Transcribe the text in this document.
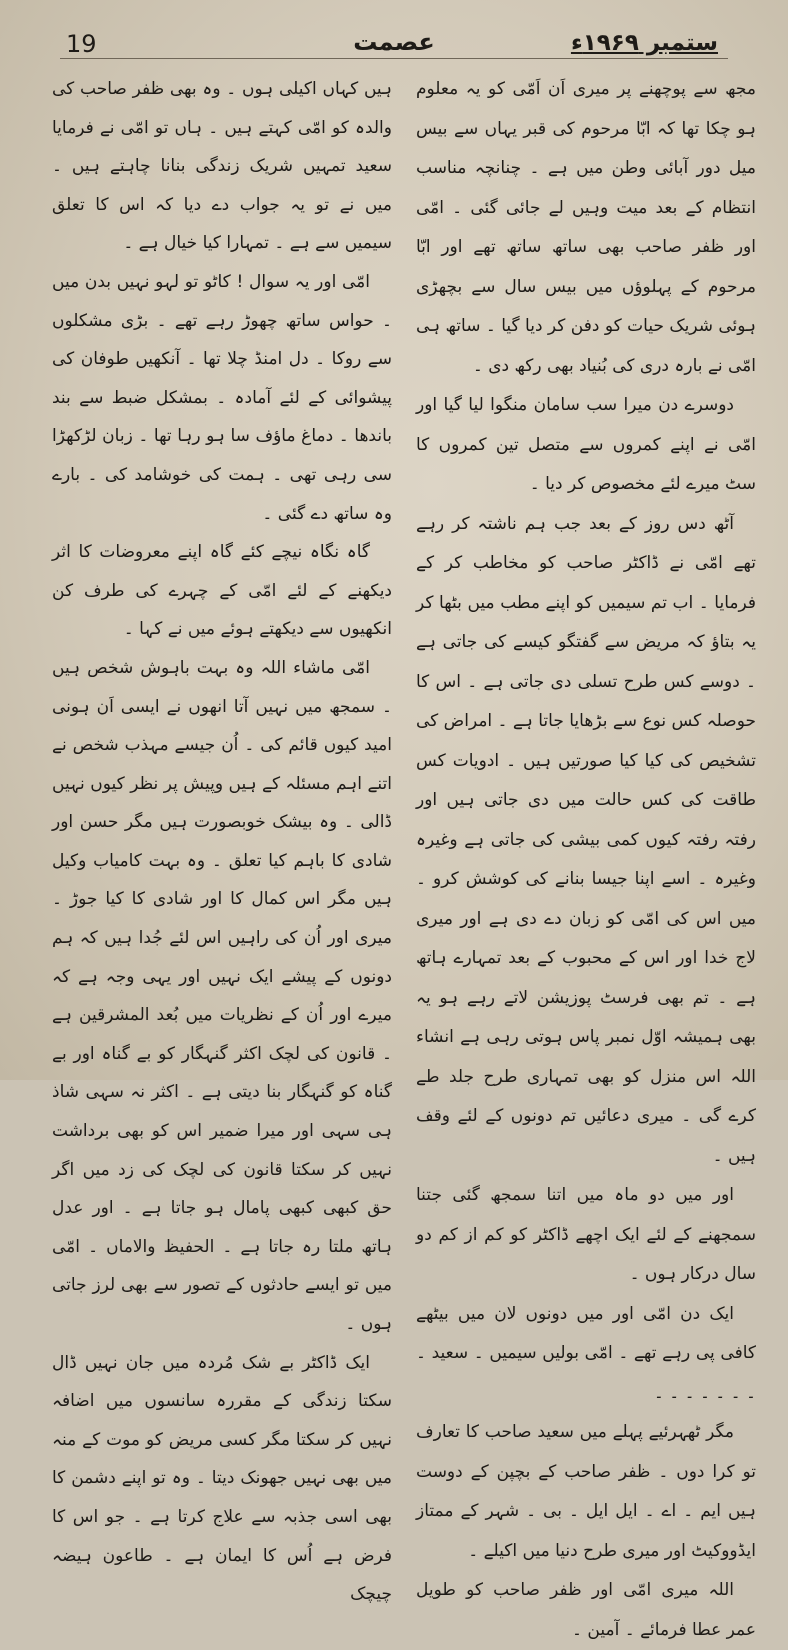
19	عصمت	ستمبر ۱۹۶۹ء

مجھ سے پوچھنے پر میری اَن اَمّی کو یہ معلوم ہو چکا تھا کہ ابّا مرحوم کی قبر یہاں سے بیس میل دور آبائی وطن میں ہے ۔ چنانچہ مناسب انتظام کے بعد میت وہیں لے جائی گئی ۔ امّی اور ظفر صاحب بھی ساتھ ساتھ تھے اور ابّا مرحوم کے پہلوؤں میں بیس سال سے بچھڑی ہوئی شریک حیات کو دفن کر دیا گیا ۔ ساتھ ہی امّی نے بارہ دری کی بُنیاد بھی رکھ دی ۔

دوسرے دن میرا سب سامان منگوا لیا گیا اور امّی نے اپنے کمروں سے متصل تین کمروں کا سٹ میرے لئے مخصوص کر دیا ۔

آٹھ دس روز کے بعد جب ہم ناشتہ کر رہے تھے امّی نے ڈاکٹر صاحب کو مخاطب کر کے فرمایا ۔ اب تم سیمیں کو اپنے مطب میں بٹھا کر یہ بتاؤ کہ مریض سے گفتگو کیسے کی جاتی ہے ۔ دوسے کس طرح تسلی دی جاتی ہے ۔ اس کا حوصلہ کس نوع سے بڑھایا جاتا ہے ۔ امراض کی تشخیص کی کیا کیا صورتیں ہیں ۔ ادویات کس طاقت کی کس حالت میں دی جاتی ہیں اور رفتہ رفتہ کیوں کمی بیشی کی جاتی ہے وغیرہ وغیرہ ۔ اسے اپنا جیسا بنانے کی کوشش کرو ۔ میں اس کی امّی کو زبان دے دی ہے اور میری لاج خدا اور اس کے محبوب کے بعد تمہارے ہاتھ ہے ۔ تم بھی فرسٹ پوزیشن لاتے رہے ہو یہ بھی ہمیشہ اوّل نمبر پاس ہوتی رہی ہے انشاء اللہ اس منزل کو بھی تمہاری طرح جلد طے کرے گی ۔ میری دعائیں تم دونوں کے لئے وقف ہیں ۔

اور میں دو ماہ میں اتنا سمجھ گئی جتنا سمجھنے کے لئے ایک اچھے ڈاکٹر کو کم از کم دو سال درکار ہوں ۔

ایک دن امّی اور میں دونوں لان میں بیٹھے کافی پی رہے تھے ۔ امّی بولیں سیمیں ۔ سعید ۔ ۔ ۔ ۔ ۔ ۔ ۔ ۔

مگر ٹھہرئیے پہلے میں سعید صاحب کا تعارف تو کرا دوں ۔ ظفر صاحب کے بچپن کے دوست ہیں ایم ۔ اے ۔ ایل ایل ۔ بی ۔ شہر کے ممتاز ایڈووکیٹ اور میری طرح دنیا میں اکیلے ۔

اللہ میری امّی اور ظفر صاحب کو طویل عمر عطا فرمائے ۔ آمین ۔

ہیں کہاں اکیلی ہوں ۔ وہ بھی ظفر صاحب کی والدہ کو امّی کہتے ہیں ۔ ہاں تو امّی نے فرمایا سعید تمہیں شریک زندگی بنانا چاہتے ہیں ۔ میں نے تو یہ جواب دے دیا کہ اس کا تعلق سیمیں سے ہے ۔ تمہارا کیا خیال ہے ۔

امّی اور یہ سوال ! کاٹو تو لہو نہیں بدن میں ۔ حواس ساتھ چھوڑ رہے تھے ۔ بڑی مشکلوں سے روکا ۔ دل امنڈ چلا تھا ۔ آنکھیں طوفان کی پیشوائی کے لئے آمادہ ۔ بمشکل ضبط سے بند باندھا ۔ دماغ ماؤف سا ہو رہا تھا ۔ زبان لڑکھڑا سی رہی تھی ۔ ہمت کی خوشامد کی ۔ بارے وہ ساتھ دے گئی ۔

گاہ نگاہ نیچے کئے گاہ اپنے معروضات کا اثر دیکھنے کے لئے امّی کے چہرے کی طرف کن انکھیوں سے دیکھتے ہوئے میں نے کہا ۔

امّی ماشاء اللہ وہ بہت باہوش شخص ہیں ۔ سمجھ میں نہیں آتا انھوں نے ایسی اَن ہونی امید کیوں قائم کی ۔ اُن جیسے مہذب شخص نے اتنے اہم مسئلہ کے ہیں وپیش پر نظر کیوں نہیں ڈالی ۔ وہ بیشک خوبصورت ہیں مگر حسن اور شادی کا باہم کیا تعلق ۔ وہ بہت کامیاب وکیل ہیں مگر اس کمال کا اور شادی کا کیا جوڑ ۔ میری اور اُن کی راہیں اس لئے جُدا ہیں کہ ہم دونوں کے پیشے ایک نہیں اور یہی وجہ ہے کہ میرے اور اُن کے نظریات میں بُعد المشرقین ہے ۔ قانون کی لچک اکثر گنہگار کو بے گناہ اور بے گناہ کو گنہگار بنا دیتی ہے ۔ اکثر نہ سہی شاذ ہی سہی اور میرا ضمیر اس کو بھی برداشت نہیں کر سکتا قانون کی لچک کی زد میں اگر حق کبھی کبھی پامال ہو جاتا ہے ۔ اور عدل ہاتھ ملتا رہ جاتا ہے ۔ الحفیظ والاماں ۔ امّی میں تو ایسے حادثوں کے تصور سے بھی لرز جاتی ہوں ۔

ایک ڈاکٹر بے شک مُردہ میں جان نہیں ڈال سکتا زندگی کے مقررہ سانسوں میں اضافہ نہیں کر سکتا مگر کسی مریض کو موت کے منہ میں بھی نہیں جھونک دیتا ۔ وہ تو اپنے دشمن کا بھی اسی جذبہ سے علاج کرتا ہے ۔ جو اس کا فرض ہے اُس کا ایمان ہے ۔ طاعون ہیضہ چیچک
